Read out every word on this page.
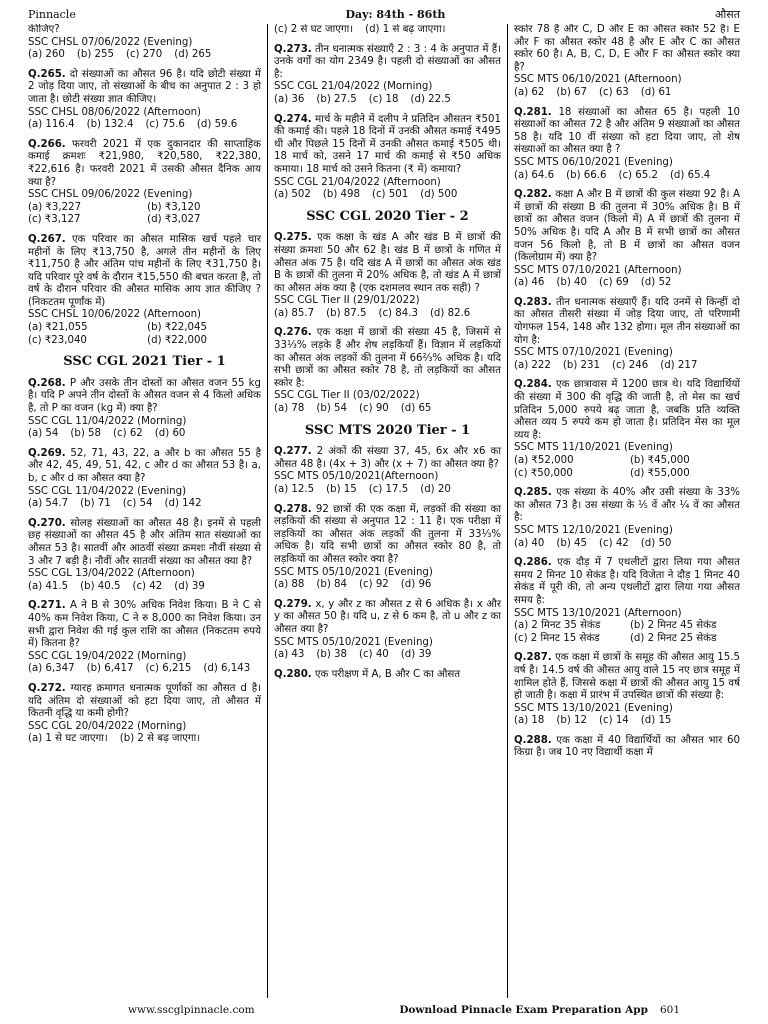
Pinnacle	Day: 84th - 86th	औसत

कीजिए?

SSC CHSL 07/06/2022 (Evening)

(a) 260 (b) 255 (c) 270 (d) 265

Q.265. दो संख्याओं का औसत 96 है। यदि छोटी संख्या में 2 जोड़ दिया जाए, तो संख्याओं के बीच का अनुपात 2 : 3 हो जाता है। छोटी संख्या ज्ञात कीजिए।

SSC CHSL 08/06/2022 (Afternoon)

(a) 116.4 (b) 132.4 (c) 75.6 (d) 59.6

Q.266. फरवरी 2021 में एक दुकानदार की साप्ताहिक कमाई क्रमशः ₹21,980, ₹20,580, ₹22,380, ₹22,616 है। फरवरी 2021 में उसकी औसत दैनिक आय क्या है?

SSC CHSL 09/06/2022 (Evening)

(a) ₹3,227	(b) ₹3,120
(c) ₹3,127	(d) ₹3,027

Q.267. एक परिवार का औसत मासिक खर्च पहले चार महीनों के लिए ₹13,750 है, अगले तीन महीनों के लिए ₹11,750 है और अंतिम पांच महीनों के लिए ₹31,750 है। यदि परिवार पूरे वर्ष के दौरान ₹15,550 की बचत करता है, तो वर्ष के दौरान परिवार की औसत मासिक आय ज्ञात कीजिए ?(निकटतम पूर्णांक में)

SSC CHSL 10/06/2022 (Afternoon)

(a) ₹21,055	(b) ₹22,045
(c) ₹23,040	(d) ₹22,000
SSC CGL 2021 Tier - 1

Q.268. P और उसके तीन दोस्तों का औसत वजन 55 kg है। यदि P अपने तीन दोस्तों के औसत वजन से 4 किलो अधिक है, तो P का वजन (kg में) क्या है?

SSC CGL 11/04/2022 (Morning)

(a) 54 (b) 58 (c) 62 (d) 60

Q.269. 52, 71, 43, 22, a और b का औसत 55 है और 42, 45, 49, 51, 42, c और d का औसत 53 है। a, b, c और d का औसत क्या है?

SSC CGL 11/04/2022 (Evening)

(a) 54.7 (b) 71 (c) 54 (d) 142

Q.270. सोलह संख्याओं का औसत 48 है। इनमें से पहली छह संख्याओं का औसत 45 है और अंतिम सात संख्याओं का औसत 53 है। सातवीं और आठवीं संख्या क्रमशः नौवीं संख्या से 3 और 7 बड़ी है। नौवीं और सातवीं संख्या का औसत क्या है?

SSC CGL 13/04/2022 (Afternoon)

(a) 41.5 (b) 40.5 (c) 42 (d) 39

Q.271. A ने B से 30% अधिक निवेश किया। B ने C से 40% कम निवेश किया, C ने रु 8,000 का निवेश किया। उन सभी द्वारा निवेश की गई कुल राशि का औसत (निकटतम रुपये में) कितना है?

SSC CGL 19/04/2022 (Morning)

(a) 6,347 (b) 6,417 (c) 6,215 (d) 6,143

Q.272. ग्यारह क्रमागत धनात्मक पूर्णांकों का औसत d है। यदि अंतिम दो संख्याओं को हटा दिया जाए, तो औसत में कितनी वृद्धि या कमी होगी?

SSC CGL 20/04/2022 (Morning)

(a) 1 से घट जाएगा। (b) 2 से बढ़ जाएगा।
(c) 2 से घट जाएगा। (d) 1 से बढ़ जाएगा।

Q.273. तीन धनात्मक संख्याएँ 2 : 3 : 4 के अनुपात में हैं। उनके वर्गों का योग 2349 है। पहली दो संख्याओं का औसत है:

SSC CGL 21/04/2022 (Morning)

(a) 36 (b) 27.5 (c) 18 (d) 22.5

Q.274. मार्च के महीने में दलीप ने प्रतिदिन औसतन ₹501 की कमाई की। पहले 18 दिनों में उनकी औसत कमाई ₹495 थी और पिछले 15 दिनों में उनकी औसत कमाई ₹505 थी। 18 मार्च को, उसने 17 मार्च की कमाई से ₹50 अधिक कमाया। 18 मार्च को उसने कितना (₹ में) कमाया?

SSC CGL 21/04/2022 (Afternoon)

(a) 502 (b) 498 (c) 501 (d) 500
SSC CGL 2020 Tier - 2

Q.275. एक कक्षा के खंड A और खंड B में छात्रों की संख्या क्रमशः 50 और 62 है। खंड B में छात्रों के गणित में औसत अंक 75 है। यदि खंड A में छात्रों का औसत अंक खंड B के छात्रों की तुलना में 20% अधिक है, तो खंड A में छात्रों का औसत अंक क्या है (एक दशमलव स्थान तक सही) ?

SSC CGL Tier II (29/01/2022)

(a) 85.7 (b) 87.5 (c) 84.3 (d) 82.6

Q.276. एक कक्षा में छात्रों की संख्या 45 है, जिसमें से 33⅓% लड़के हैं और शेष लड़कियाँ हैं। विज्ञान में लड़कियों का औसत अंक लड़कों की तुलना में 66⅔% अधिक है। यदि सभी छात्रों का औसत स्कोर 78 है, तो लड़कियों का औसत स्कोर है:

SSC CGL Tier II (03/02/2022)

(a) 78 (b) 54 (c) 90 (d) 65
SSC MTS 2020 Tier - 1

Q.277. 2 अंकों की संख्या 37, 45, 6x और x6 का औसत 48 है। (4x + 3) और (x + 7) का औसत क्या है?

SSC MTS 05/10/2021(Afternoon)

(a) 12.5 (b) 15 (c) 17.5 (d) 20

Q.278. 92 छात्रों की एक कक्षा में, लड़कों की संख्या का लड़कियों की संख्या से अनुपात 12 : 11 है। एक परीक्षा में लड़कियों का औसत अंक लड़कों की तुलना में 33⅓% अधिक है। यदि सभी छात्रों का औसत स्कोर 80 है, तो लड़कियों का औसत स्कोर क्या है?

SSC MTS 05/10/2021 (Evening)

(a) 88 (b) 84 (c) 92 (d) 96

Q.279. x, y और z का औसत z से 6 अधिक है। x और y का औसत 50 है। यदि u, z से 6 कम है, तो u और z का औसत क्या है?

SSC MTS 05/10/2021 (Evening)

(a) 43 (b) 38 (c) 40 (d) 39

Q.280. एक परीक्षण में A, B और C का औसत

स्कोर 78 है और C, D और E का औसत स्कोर 52 है। E और F का औसत स्कोर 48 है और E और C का औसत स्कोर 60 है। A, B, C, D, E और F का औसत स्कोर क्या है?

SSC MTS 06/10/2021 (Afternoon)

(a) 62 (b) 67 (c) 63 (d) 61

Q.281. 18 संख्याओं का औसत 65 है। पहली 10 संख्याओं का औसत 72 है और अंतिम 9 संख्याओं का औसत 58 है। यदि 10 वीं संख्या को हटा दिया जाए, तो शेष संख्याओं का औसत क्या है ?

SSC MTS 06/10/2021 (Evening)

(a) 64.6 (b) 66.6 (c) 65.2 (d) 65.4

Q.282. कक्षा A और B में छात्रों की कुल संख्या 92 है। A में छात्रों की संख्या B की तुलना में 30% अधिक है। B में छात्रों का औसत वजन (किलो में) A में छात्रों की तुलना में 50% अधिक है। यदि A और B में सभी छात्रों का औसत वजन 56 किलो है, तो B में छात्रों का औसत वजन (किलोग्राम में) क्या है?

SSC MTS 07/10/2021 (Afternoon)

(a) 46 (b) 40 (c) 69 (d) 52

Q.283. तीन धनात्मक संख्याएँ हैं। यदि उनमें से किन्हीं दो का औसत तीसरी संख्या में जोड़ दिया जाए, तो परिणामी योगफल 154, 148 और 132 होगा। मूल तीन संख्याओं का योग है:

SSC MTS 07/10/2021 (Evening)

(a) 222 (b) 231 (c) 246 (d) 217

Q.284. एक छात्रावास में 1200 छात्र थे। यदि विद्यार्थियों की संख्या में 300 की वृद्धि की जाती है, तो मेस का खर्च प्रतिदिन 5,000 रुपये बढ़ जाता है, जबकि प्रति व्यक्ति औसत व्यय 5 रुपये कम हो जाता है। प्रतिदिन मेस का मूल व्यय है:

SSC MTS 11/10/2021 (Evening)

(a) ₹52,000	(b) ₹45,000
(c) ₹50,000	(d) ₹55,000

Q.285. एक संख्या के 40% और उसी संख्या के 33% का औसत 73 है। उस संख्या के ⅕ वें और ¼ वें का औसत है:

SSC MTS 12/10/2021 (Evening)

(a) 40 (b) 45 (c) 42 (d) 50

Q.286. एक दौड़ में 7 एथलीटों द्वारा लिया गया औसत समय 2 मिनट 10 सेकंड है। यदि विजेता ने दौड़ 1 मिनट 40 सेकंड में पूरी की, तो अन्य एथलीटों द्वारा लिया गया औसत समय है:

SSC MTS 13/10/2021 (Afternoon)

(a) 2 मिनट 35 सेकंड	(b) 2 मिनट 45 सेकंड
(c) 2 मिनट 15 सेकंड	(d) 2 मिनट 25 सेकंड

Q.287. एक कक्षा में छात्रों के समूह की औसत आयु 15.5 वर्ष है। 14.5 वर्ष की औसत आयु वाले 15 नए छात्र समूह में शामिल होते हैं, जिससे कक्षा में छात्रों की औसत आयु 15 वर्ष हो जाती है। कक्षा में प्रारंभ में उपस्थित छात्रों की संख्या है:

SSC MTS 13/10/2021 (Evening)

(a) 18 (b) 12 (c) 14 (d) 15

Q.288. एक कक्षा में 40 विद्यार्थियों का औसत भार 60 किग्रा है। जब 10 नए विद्यार्थी कक्षा में

www.sscglpinnacle.com	Download Pinnacle Exam Preparation App 601
